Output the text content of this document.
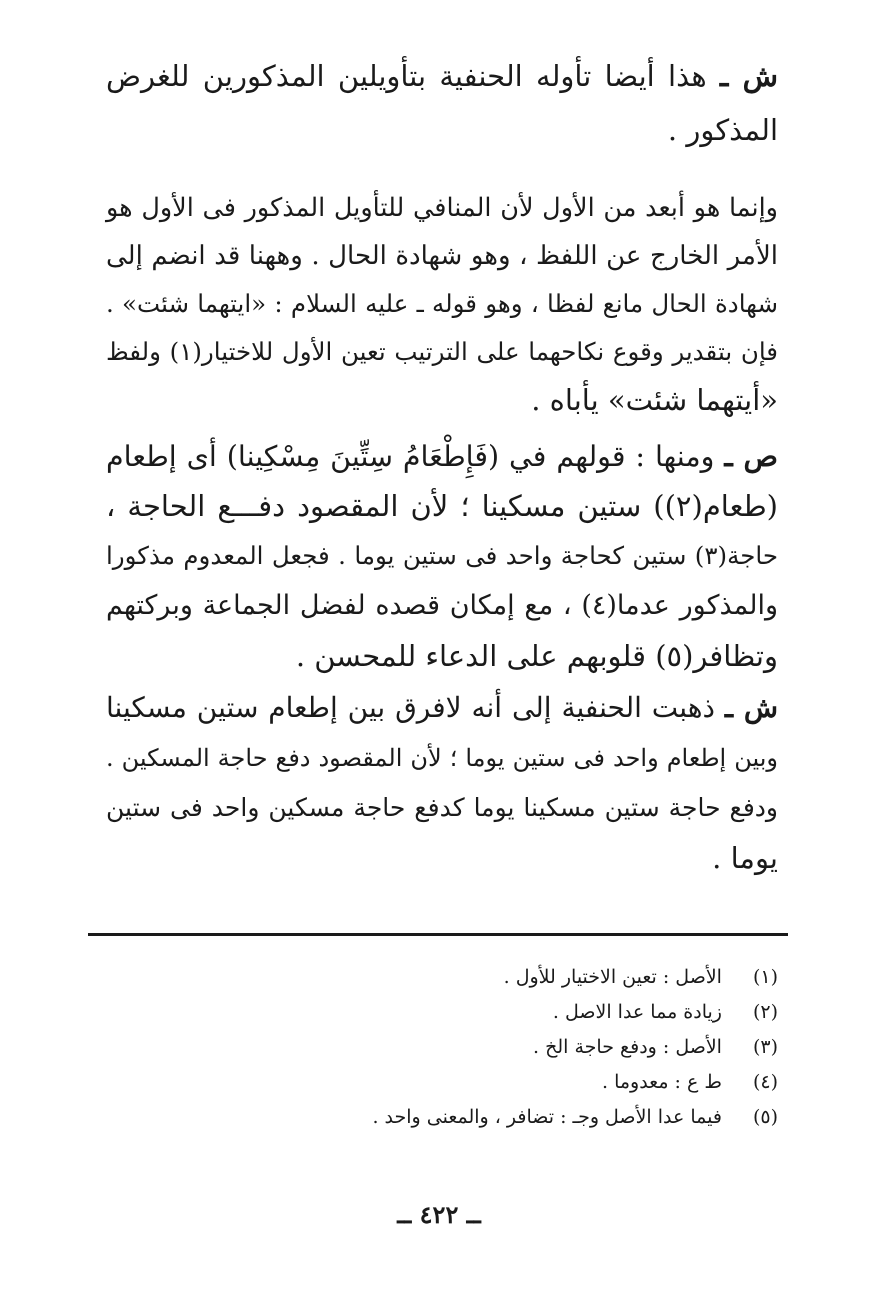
ش ـ هذا أيضا تأوله الحنفية بتأويلين المذكورين للغرض
المذكور .
وإنما هو أبعد من الأول لأن المنافي للتأويل المذكور فى الأول هو
الأمر الخارج عن اللفظ ، وهو شهادة الحال . وههنا قد انضم إلى
شهادة الحال مانع لفظا ، وهو قوله ـ عليه السلام : «ايتهما شئت» .
فإن بتقدير وقوع نكاحهما على الترتيب تعين الأول للاختيار(١) ولفظ
«أيتهما شئت» يأباه .
ص ـ ومنها : قولهم في (فَإِطْعَامُ سِتِّينَ مِسْكِينا) أى إطعام
(طعام(٢)) ستين مسكينا ؛ لأن المقصود دفـــع الحاجة ،
حاجة(٣) ستين كحاجة واحد فى ستين يوما . فجعل المعدوم مذكورا
والمذكور عدما(٤) ، مع إمكان قصده لفضل الجماعة وبركتهم
وتظافر(٥) قلوبهم على الدعاء للمحسن .
ش ـ ذهبت الحنفية إلى أنه لافرق بين إطعام ستين مسكينا
وبين إطعام واحد فى ستين يوما ؛ لأن المقصود دفع حاجة المسكين .
ودفع حاجة ستين مسكينا يوما كدفع حاجة مسكين واحد فى ستين
يوما .
(١) الأصل : تعين الاختيار للأول .
(٢) زيادة مما عدا الاصل .
(٣) الأصل : ودفع حاجة الخ .
(٤) ط ع : معدوما .
(٥) فيما عدا الأصل وجـ : تضافر ، والمعنى واحد .
ــ ٤٢٢ ــ
